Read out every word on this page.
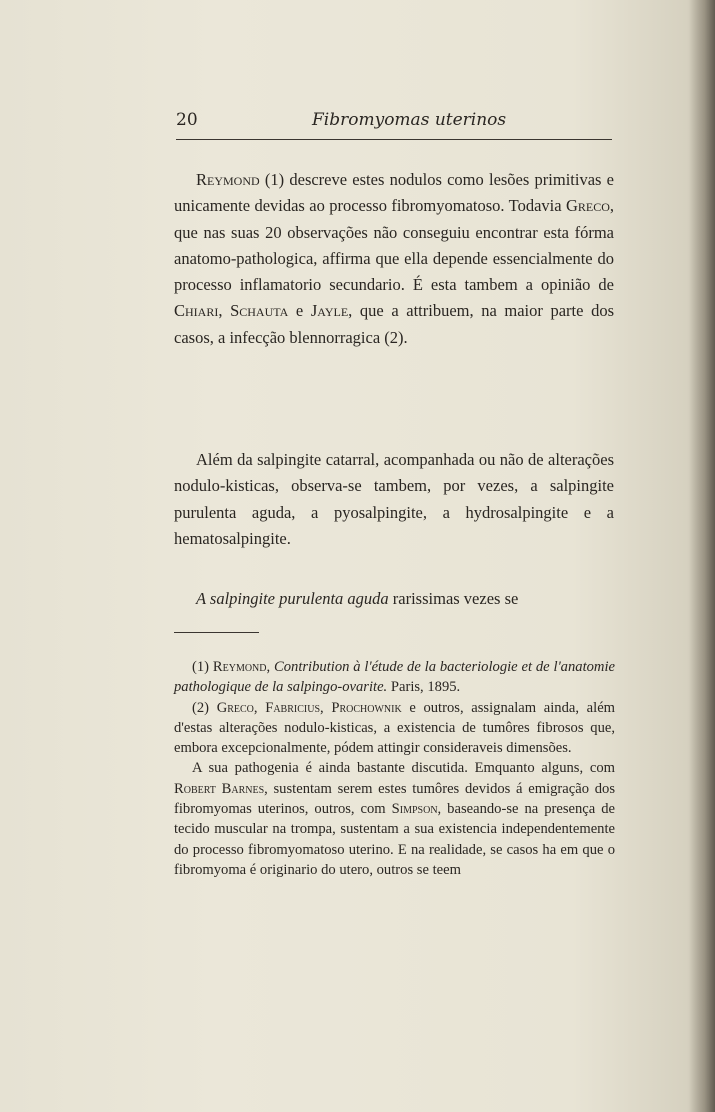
20	Fibromyomas uterinos

Reymond (1) descreve estes nodulos como lesões primitivas e unicamente devidas ao processo fibromyomatoso. Todavia Greco, que nas suas 20 observações não conseguiu encontrar esta fórma anatomo-pathologica, affirma que ella depende essencialmente do processo inflamatorio secundario. É esta tambem a opinião de Chiari, Schauta e Jayle, que a attribuem, na maior parte dos casos, a infecção blennorragica (2).

Além da salpingite catarral, acompanhada ou não de alterações nodulo-kisticas, observa-se tambem, por vezes, a salpingite purulenta aguda, a pyosalpingite, a hydrosalpingite e a hematosalpingite.

A salpingite purulenta aguda rarissimas vezes se

(1) Reymond, Contribution à l'étude de la bacteriologie et de l'anatomie pathologique de la salpingo-ovarite. Paris, 1895.

(2) Greco, Fabricius, Prochownik e outros, assignalam ainda, além d'estas alterações nodulo-kisticas, a existencia de tumôres fibrosos que, embora excepcionalmente, pódem attingir consideraveis dimensões.

A sua pathogenia é ainda bastante discutida. Emquanto alguns, com Robert Barnes, sustentam serem estes tumôres devidos á emigração dos fibromyomas uterinos, outros, com Simpson, baseando-se na presença de tecido muscular na trompa, sustentam a sua existencia independentemente do processo fibromyomatoso uterino. E na realidade, se casos ha em que o fibromyoma é originario do utero, outros se teem
